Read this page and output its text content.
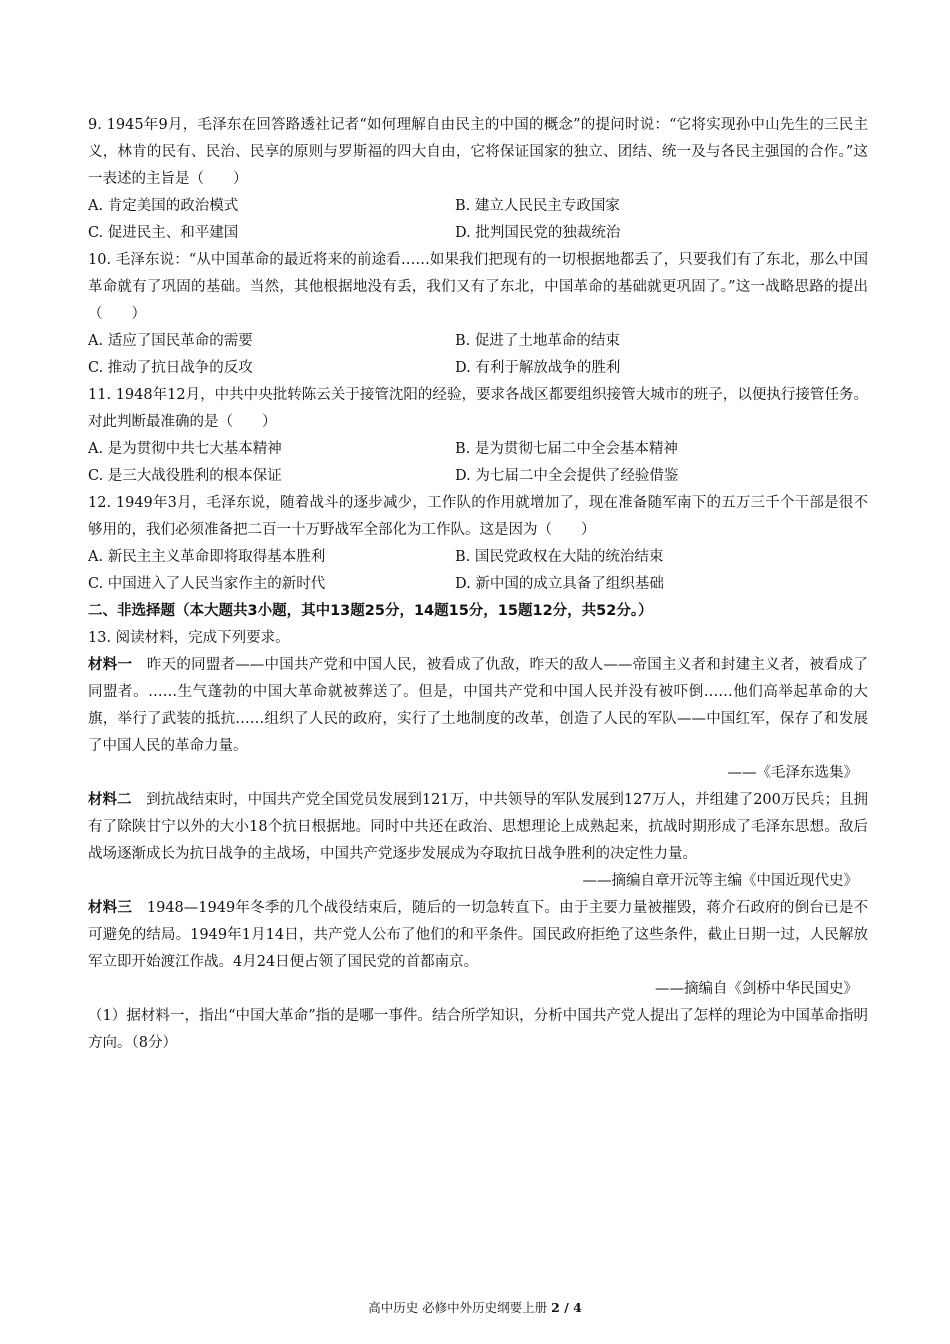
9. 1945年9月，毛泽东在回答路透社记者“如何理解自由民主的中国的概念”的提问时说：“它将实现孙中山先生的三民主义，林肯的民有、民治、民享的原则与罗斯福的四大自由，它将保证国家的独立、团结、统一及与各民主强国的合作。”这一表述的主旨是（　　）

A. 肯定美国的政治模式	B. 建立人民民主专政国家
C. 促进民主、和平建国	D. 批判国民党的独裁统治

10. 毛泽东说：“从中国革命的最近将来的前途看……如果我们把现有的一切根据地都丢了，只要我们有了东北，那么中国革命就有了巩固的基础。当然，其他根据地没有丢，我们又有了东北，中国革命的基础就更巩固了。”这一战略思路的提出（　　）

A. 适应了国民革命的需要	B. 促进了土地革命的结束
C. 推动了抗日战争的反攻	D. 有利于解放战争的胜利

11. 1948年12月，中共中央批转陈云关于接管沈阳的经验，要求各战区都要组织接管大城市的班子，以便执行接管任务。对此判断最准确的是（　　）

A. 是为贯彻中共七大基本精神	B. 是为贯彻七届二中全会基本精神
C. 是三大战役胜利的根本保证	D. 为七届二中全会提供了经验借鉴

12. 1949年3月，毛泽东说，随着战斗的逐步减少，工作队的作用就增加了，现在准备随军南下的五万三千个干部是很不够用的，我们必须准备把二百一十万野战军全部化为工作队。这是因为（　　）

A. 新民主主义革命即将取得基本胜利	B. 国民党政权在大陆的统治结束
C. 中国进入了人民当家作主的新时代	D. 新中国的成立具备了组织基础

二、非选择题（本大题共3小题，其中13题25分，14题15分，15题12分，共52分。）

13. 阅读材料，完成下列要求。

材料一　昨天的同盟者——中国共产党和中国人民，被看成了仇敌，昨天的敌人——帝国主义者和封建主义者，被看成了同盟者。……生气蓬勃的中国大革命就被葬送了。但是，中国共产党和中国人民并没有被吓倒……他们高举起革命的大旗，举行了武装的抵抗……组织了人民的政府，实行了土地制度的改革，创造了人民的军队——中国红军，保存了和发展了中国人民的革命力量。

——《毛泽东选集》

材料二　到抗战结束时，中国共产党全国党员发展到121万，中共领导的军队发展到127万人，并组建了200万民兵；且拥有了除陕甘宁以外的大小18个抗日根据地。同时中共还在政治、思想理论上成熟起来，抗战时期形成了毛泽东思想。敌后战场逐渐成长为抗日战争的主战场，中国共产党逐步发展成为夺取抗日战争胜利的决定性力量。

——摘编自章开沅等主编《中国近现代史》

材料三　1948—1949年冬季的几个战役结束后，随后的一切急转直下。由于主要力量被摧毁，蒋介石政府的倒台已是不可避免的结局。1949年1月14日，共产党人公布了他们的和平条件。国民政府拒绝了这些条件，截止日期一过，人民解放军立即开始渡江作战。4月24日便占领了国民党的首都南京。

——摘编自《剑桥中华民国史》

（1）据材料一，指出“中国大革命”指的是哪一事件。结合所学知识，分析中国共产党人提出了怎样的理论为中国革命指明方向。（8分）

高中历史 必修中外历史纲要上册 2 / 4
